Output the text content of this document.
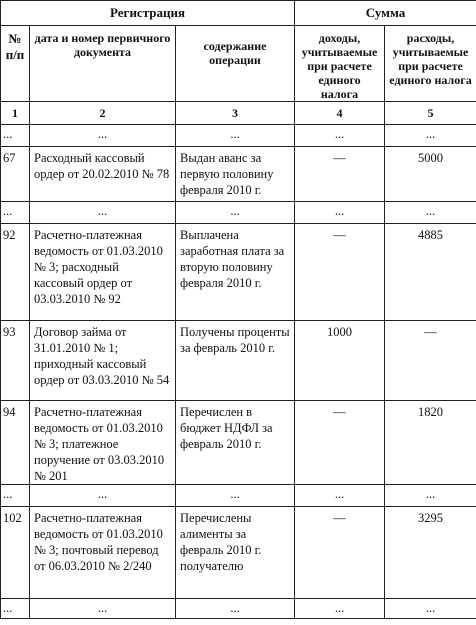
Регистрация			Сумма	
№ п/п	дата и номер первичного документа	содержание операции	доходы, учитываемые при расчете единого налога	расходы, учитываемые при расчете единого налога
1	2	3	4	5
...	...	...	...	...
67	Расходный кассовый ордер от 20.02.2010 № 78	Выдан аванс за первую половину февраля 2010 г.	—	5000
...	...	...	...	...
92	Расчетно-платежная ведомость от 01.03.2010 № 3; расходный кассовый ордер от 03.03.2010 № 92	Выплачена заработная плата за вторую половину февраля 2010 г.	—	4885
93	Договор займа от 31.01.2010 № 1; приходный кассовый ордер от 03.03.2010 № 54	Получены проценты за февраль 2010 г.	1000	—
94	Расчетно-платежная ведомость от 01.03.2010 № 3; платежное поручение от 03.03.2010 № 201	Перечислен в бюджет НДФЛ за февраль 2010 г.	—	1820
...	...	...	...	...
102	Расчетно-платежная ведомость от 01.03.2010 № 3; почтовый перевод от 06.03.2010 № 2/240	Перечислены алименты за февраль 2010 г. получателю	—	3295
...	...	...	...	...
